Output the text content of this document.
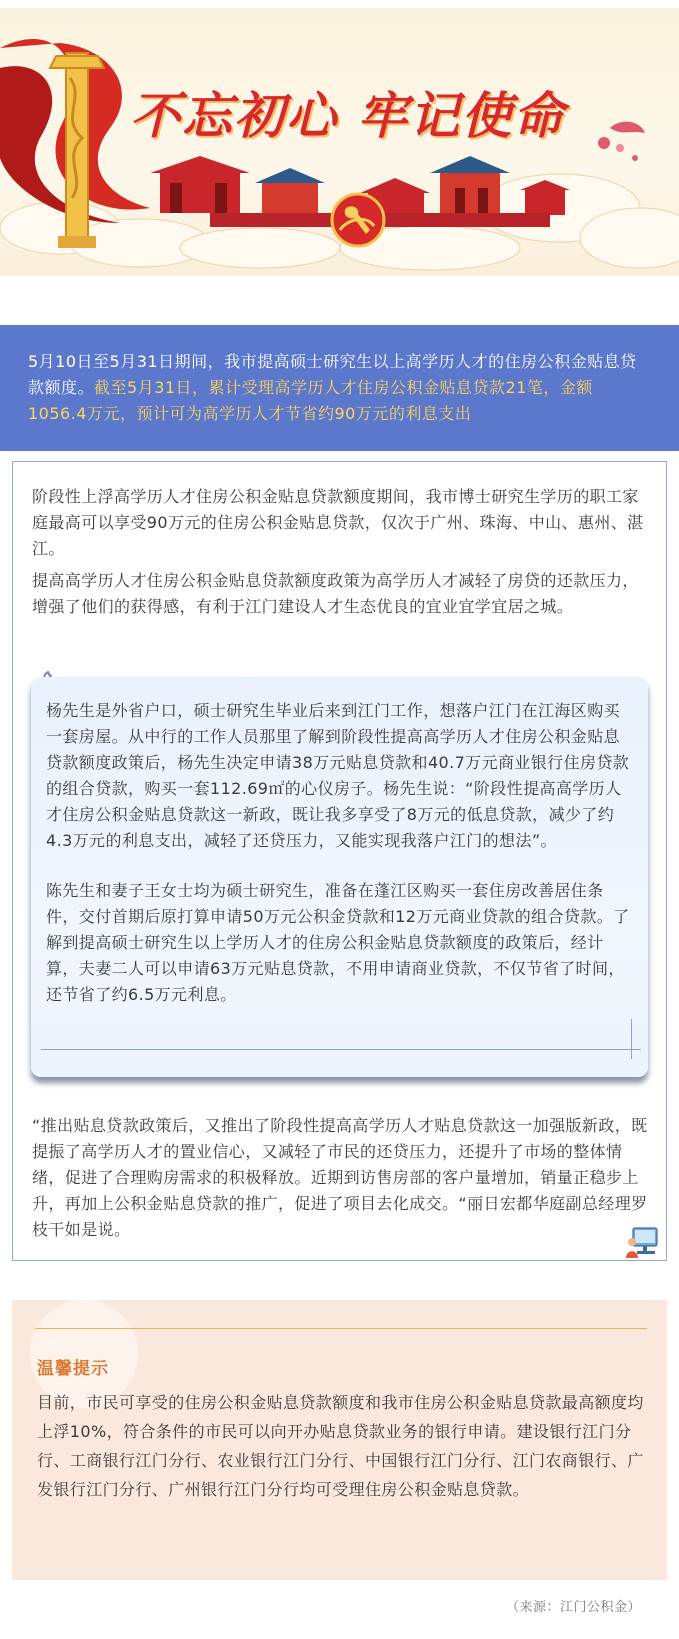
不忘初心 牢记使命
5月10日至5月31日期间，我市提高硕士研究生以上高学历人才的住房公积金贴息贷款额度。截至5月31日，累计受理高学历人才住房公积金贴息贷款21笔，金额1056.4万元，预计可为高学历人才节省约90万元的利息支出
阶段性上浮高学历人才住房公积金贴息贷款额度期间，我市博士研究生学历的职工家庭最高可以享受90万元的住房公积金贴息贷款，仅次于广州、珠海、中山、惠州、湛江。
提高高学历人才住房公积金贴息贷款额度政策为高学历人才减轻了房贷的还款压力，增强了他们的获得感，有利于江门建设人才生态优良的宜业宜学宜居之城。
杨先生是外省户口，硕士研究生毕业后来到江门工作，想落户江门在江海区购买一套房屋。从中行的工作人员那里了解到阶段性提高高学历人才住房公积金贴息贷款额度政策后，杨先生决定申请38万元贴息贷款和40.7万元商业银行住房贷款的组合贷款，购买一套112.69㎡的心仪房子。杨先生说：“阶段性提高高学历人才住房公积金贴息贷款这一新政，既让我多享受了8万元的低息贷款，减少了约4.3万元的利息支出，减轻了还贷压力，又能实现我落户江门的想法”。
陈先生和妻子王女士均为硕士研究生，准备在蓬江区购买一套住房改善居住条件，交付首期后原打算申请50万元公积金贷款和12万元商业贷款的组合贷款。了解到提高硕士研究生以上学历人才的住房公积金贴息贷款额度的政策后，经计算，夫妻二人可以申请63万元贴息贷款，不用申请商业贷款，不仅节省了时间，还节省了约6.5万元利息。
“推出贴息贷款政策后，又推出了阶段性提高高学历人才贴息贷款这一加强版新政，既提振了高学历人才的置业信心，又减轻了市民的还贷压力，还提升了市场的整体情绪，促进了合理购房需求的积极释放。近期到访售房部的客户量增加，销量正稳步上升，再加上公积金贴息贷款的推广，促进了项目去化成交。“丽日宏都华庭副总经理罗枝干如是说。
温馨提示
目前，市民可享受的住房公积金贴息贷款额度和我市住房公积金贴息贷款最高额度均上浮10%，符合条件的市民可以向开办贴息贷款业务的银行申请。建设银行江门分行、工商银行江门分行、农业银行江门分行、中国银行江门分行、江门农商银行、广发银行江门分行、广州银行江门分行均可受理住房公积金贴息贷款。
（来源：江门公积金）
